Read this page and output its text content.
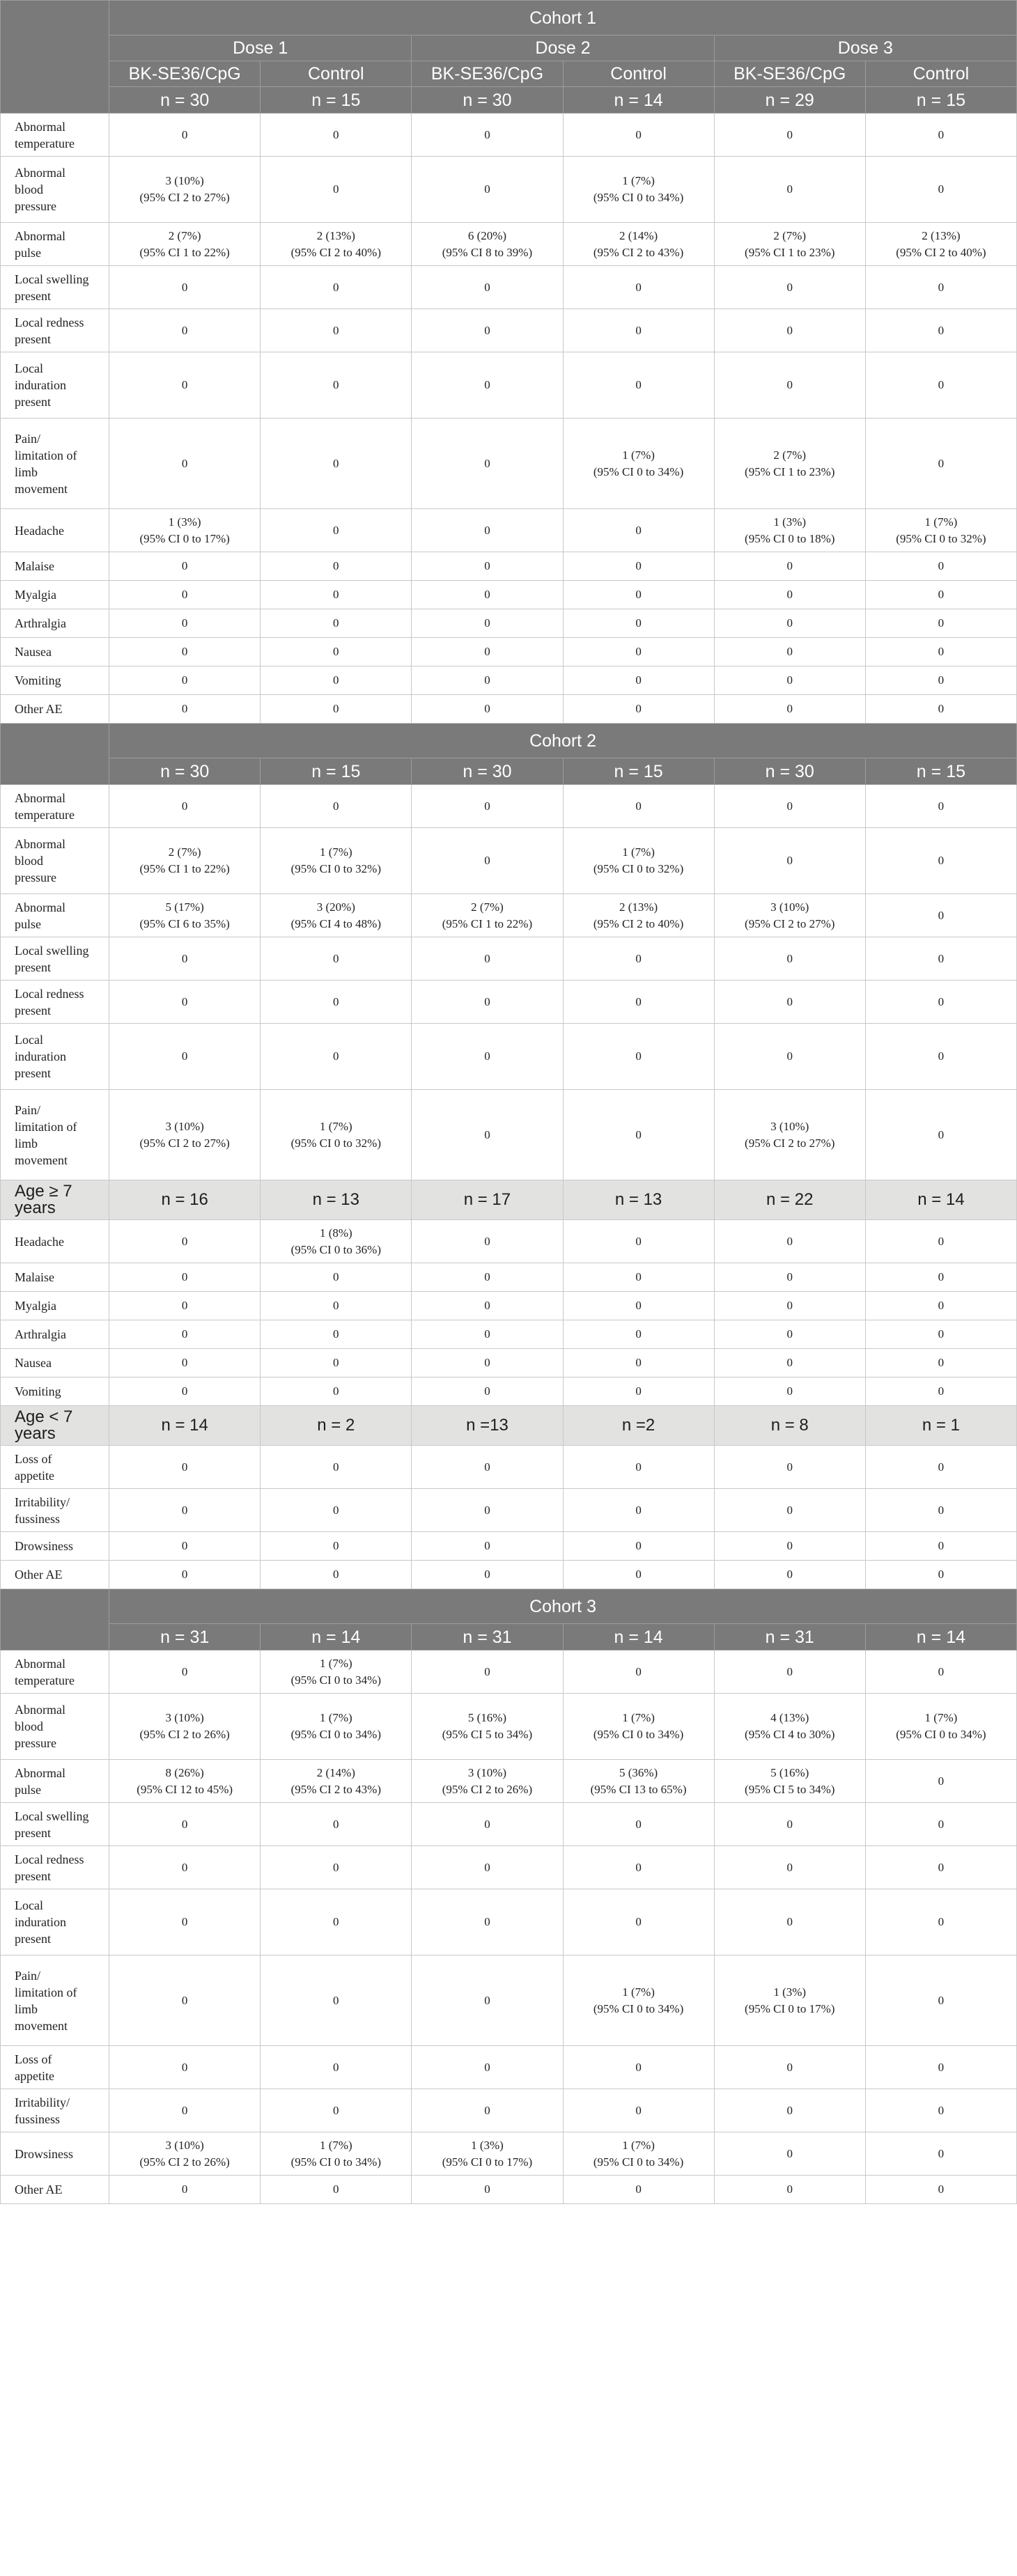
	Cohort 1					
	Dose 1		Dose 2		Dose 3	
	BK-SE36/CpG	Control	BK-SE36/CpG	Control	BK-SE36/CpG	Control
	n = 30	n = 15	n = 30	n = 14	n = 29	n = 15
Abnormal
temperature	0	0	0	0	0	0
Abnormal
blood
pressure	3 (10%)
(95% CI 2 to 27%)	0	0	1 (7%)
(95% CI 0 to 34%)	0	0
Abnormal
pulse	2 (7%)
(95% CI 1 to 22%)	2 (13%)
(95% CI 2 to 40%)	6 (20%)
(95% CI 8 to 39%)	2 (14%)
(95% CI 2 to 43%)	2 (7%)
(95% CI 1 to 23%)	2 (13%)
(95% CI 2 to 40%)
Local swelling
present	0	0	0	0	0	0
Local redness
present	0	0	0	0	0	0
Local
induration
present	0	0	0	0	0	0
Pain/
limitation of
limb
movement	0	0	0	1 (7%)
(95% CI 0 to 34%)	2 (7%)
(95% CI 1 to 23%)	0
Headache	1 (3%)
(95% CI 0 to 17%)	0	0	0	1 (3%)
(95% CI 0 to 18%)	1 (7%)
(95% CI 0 to 32%)
Malaise	0	0	0	0	0	0
Myalgia	0	0	0	0	0	0
Arthralgia	0	0	0	0	0	0
Nausea	0	0	0	0	0	0
Vomiting	0	0	0	0	0	0
Other AE	0	0	0	0	0	0
	Cohort 2					
	n = 30	n = 15	n = 30	n = 15	n = 30	n = 15
Abnormal
temperature	0	0	0	0	0	0
Abnormal
blood
pressure	2 (7%)
(95% CI 1 to 22%)	1 (7%)
(95% CI 0 to 32%)	0	1 (7%)
(95% CI 0 to 32%)	0	0
Abnormal
pulse	5 (17%)
(95% CI 6 to 35%)	3 (20%)
(95% CI 4 to 48%)	2 (7%)
(95% CI 1 to 22%)	2 (13%)
(95% CI 2 to 40%)	3 (10%)
(95% CI 2 to 27%)	0
Local swelling
present	0	0	0	0	0	0
Local redness
present	0	0	0	0	0	0
Local
induration
present	0	0	0	0	0	0
Pain/
limitation of
limb
movement	3 (10%)
(95% CI 2 to 27%)	1 (7%)
(95% CI 0 to 32%)	0	0	3 (10%)
(95% CI 2 to 27%)	0
Age ≥ 7
years	n = 16	n = 13	n = 17	n = 13	n = 22	n = 14
Headache	0	1 (8%)
(95% CI 0 to 36%)	0	0	0	0
Malaise	0	0	0	0	0	0
Myalgia	0	0	0	0	0	0
Arthralgia	0	0	0	0	0	0
Nausea	0	0	0	0	0	0
Vomiting	0	0	0	0	0	0
Age < 7
years	n = 14	n = 2	n =13	n =2	n = 8	n = 1
Loss of
appetite	0	0	0	0	0	0
Irritability/
fussiness	0	0	0	0	0	0
Drowsiness	0	0	0	0	0	0
Other AE	0	0	0	0	0	0
	Cohort 3					
	n = 31	n = 14	n = 31	n = 14	n = 31	n = 14
Abnormal
temperature	0	1 (7%)
(95% CI 0 to 34%)	0	0	0	0
Abnormal
blood
pressure	3 (10%)
(95% CI 2 to 26%)	1 (7%)
(95% CI 0 to 34%)	5 (16%)
(95% CI 5 to 34%)	1 (7%)
(95% CI 0 to 34%)	4 (13%)
(95% CI 4 to 30%)	1 (7%)
(95% CI 0 to 34%)
Abnormal
pulse	8 (26%)
(95% CI 12 to 45%)	2 (14%)
(95% CI 2 to 43%)	3 (10%)
(95% CI 2 to 26%)	5 (36%)
(95% CI 13 to 65%)	5 (16%)
(95% CI 5 to 34%)	0
Local swelling
present	0	0	0	0	0	0
Local redness
present	0	0	0	0	0	0
Local
induration
present	0	0	0	0	0	0
Pain/
limitation of
limb
movement	0	0	0	1 (7%)
(95% CI 0 to 34%)	1 (3%)
(95% CI 0 to 17%)	0
Loss of
appetite	0	0	0	0	0	0
Irritability/
fussiness	0	0	0	0	0	0
Drowsiness	3 (10%)
(95% CI 2 to 26%)	1 (7%)
(95% CI 0 to 34%)	1 (3%)
(95% CI 0 to 17%)	1 (7%)
(95% CI 0 to 34%)	0	0
Other AE	0	0	0	0	0	0
